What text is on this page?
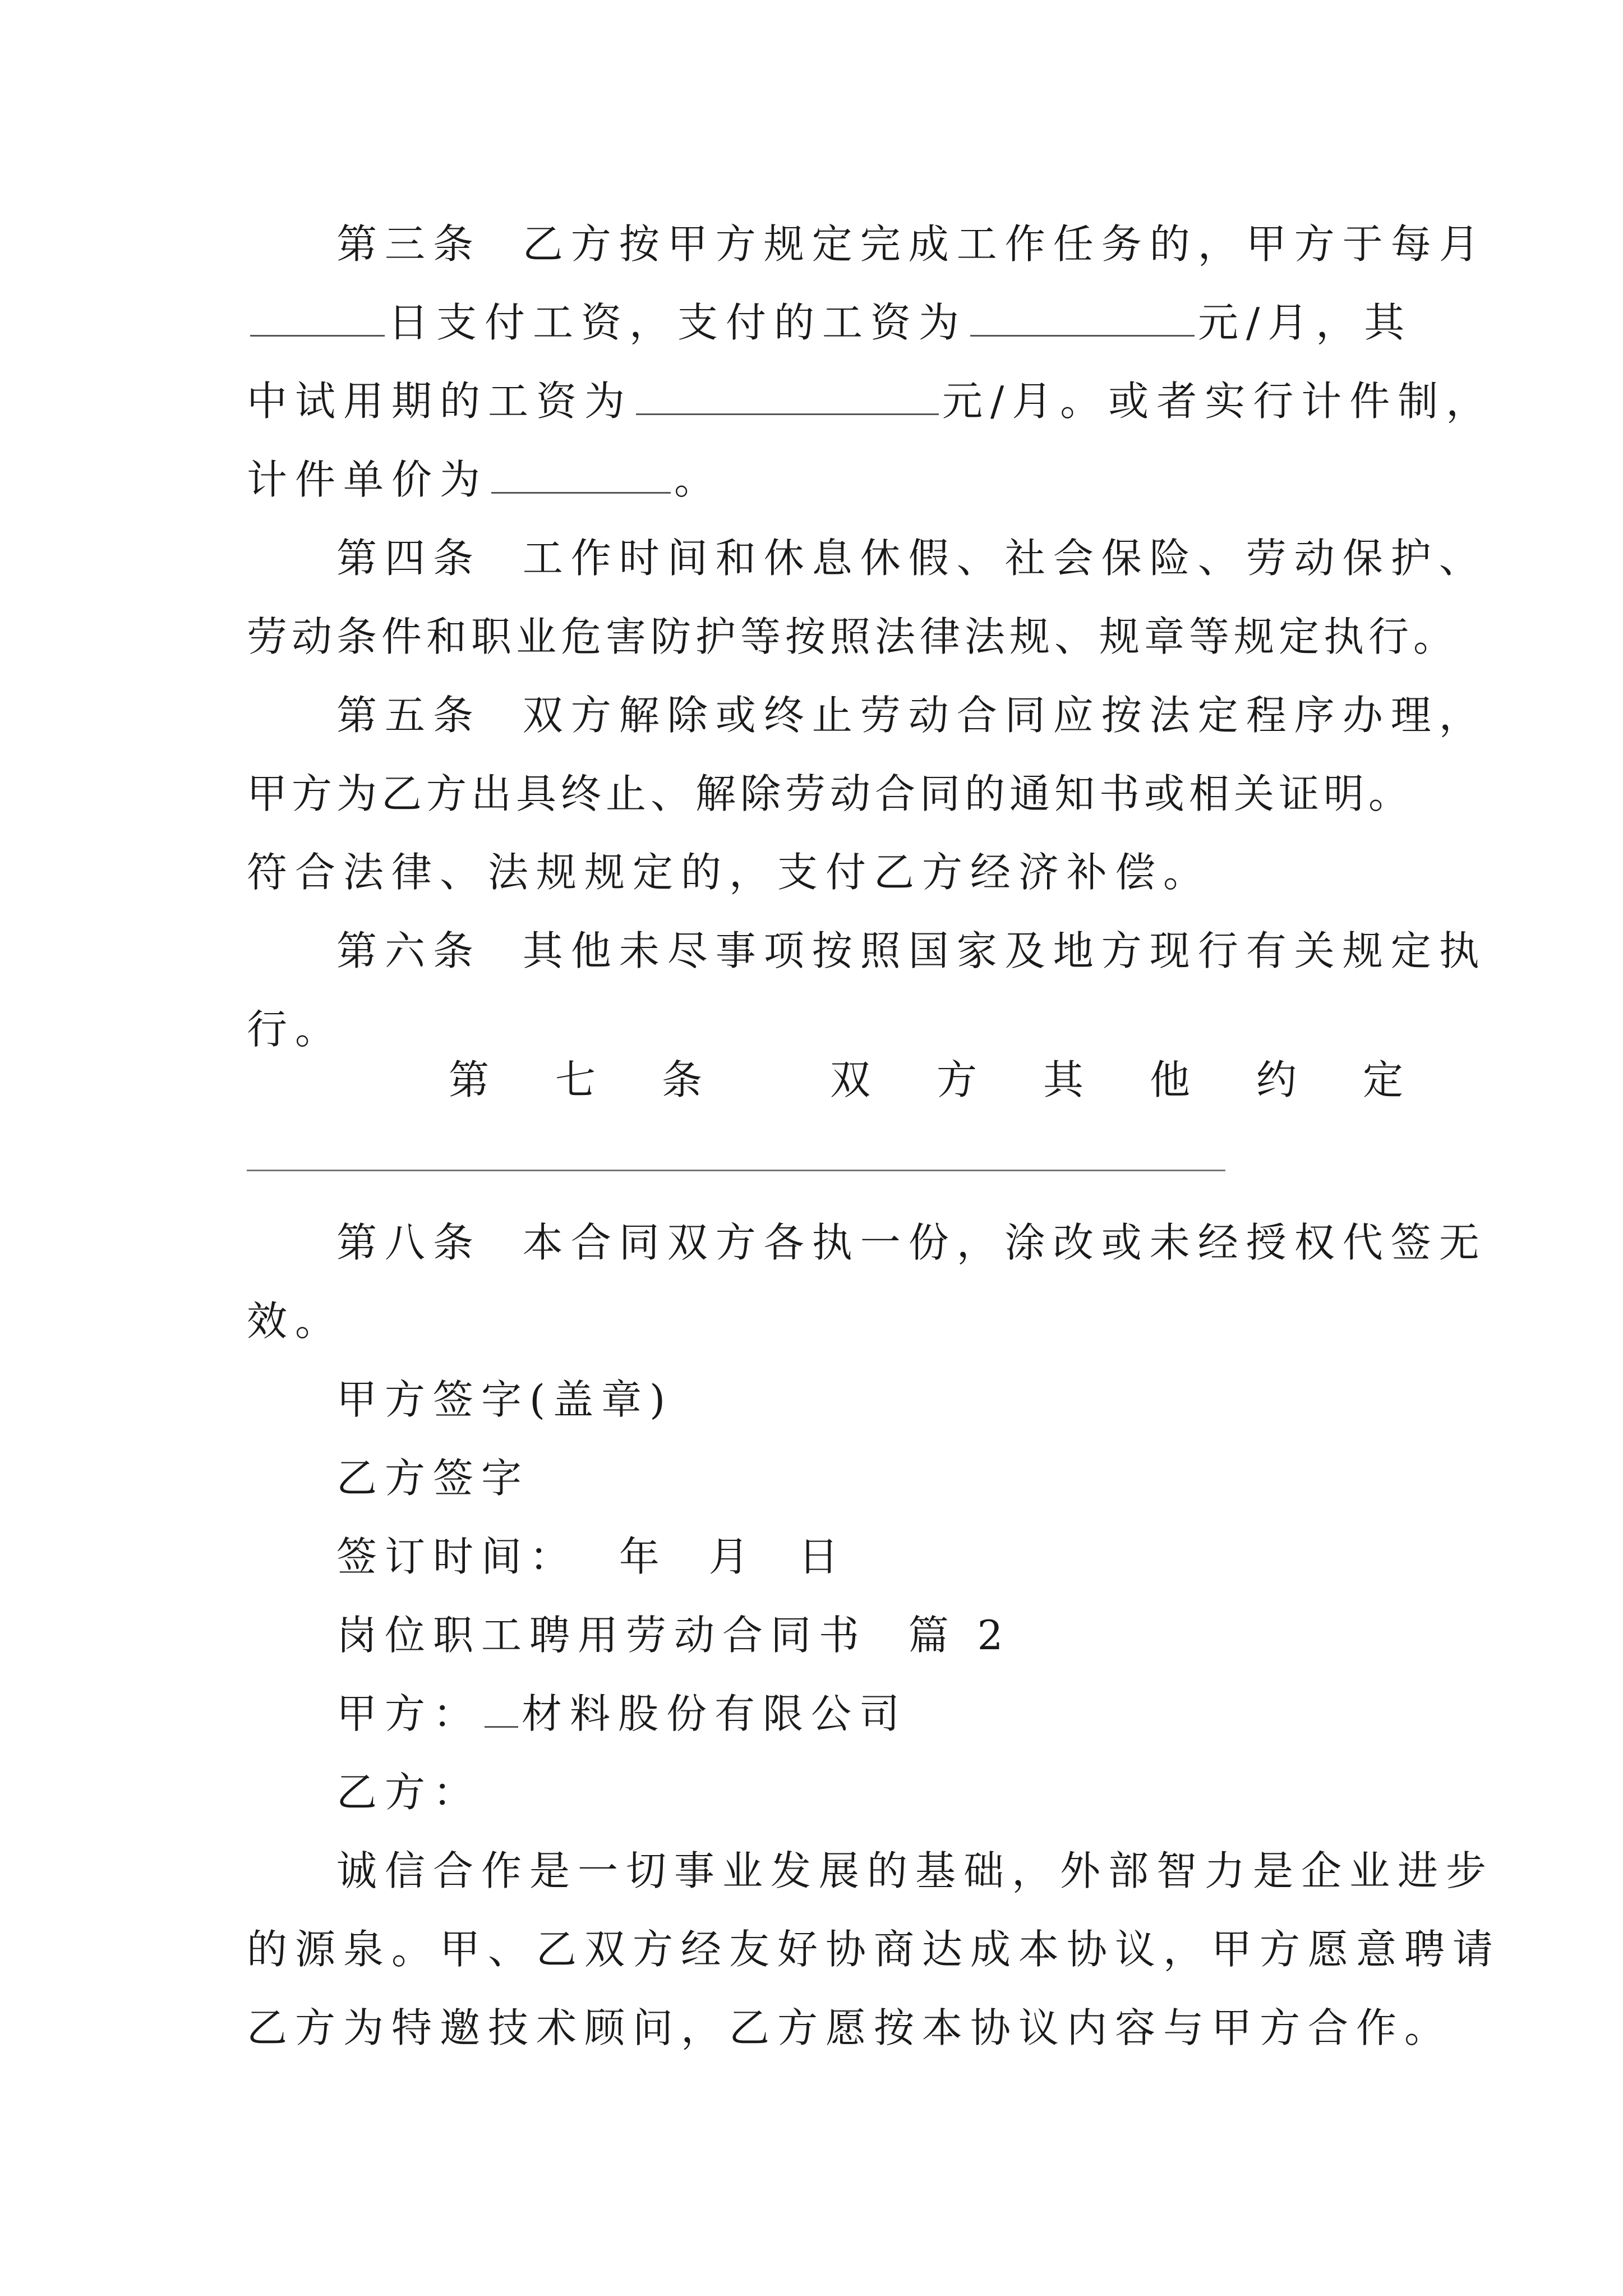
第三条  乙方按甲方规定完成工作任务的，甲方于每月
日支付工资，支付的工资为	元/月，其
中试用期的工资为	元/月。或者实行计件制，
计件单价为	。
第四条  工作时间和休息休假、社会保险、劳动保护、
劳动条件和职业危害防护等按照法律法规、规章等规定执行。
第五条  双方解除或终止劳动合同应按法定程序办理，
甲方为乙方出具终止、解除劳动合同的通知书或相关证明。
符合法律、法规规定的，支付乙方经济补偿。
第六条  其他未尽事项按照国家及地方现行有关规定执
行。

第

七

条

	双

方

其

他

约

定

第八条  本合同双方各执一份，涂改或未经授权代签无
效。
甲方签字(盖章)
乙方签字
签订时间：  年  月  日
岗位职工聘用劳动合同书  篇 2
甲方： 材料股份有限公司
乙方：
诚信合作是一切事业发展的基础，外部智力是企业进步
的源泉。甲、乙双方经友好协商达成本协议，甲方愿意聘请
乙方为特邀技术顾问，乙方愿按本协议内容与甲方合作。
